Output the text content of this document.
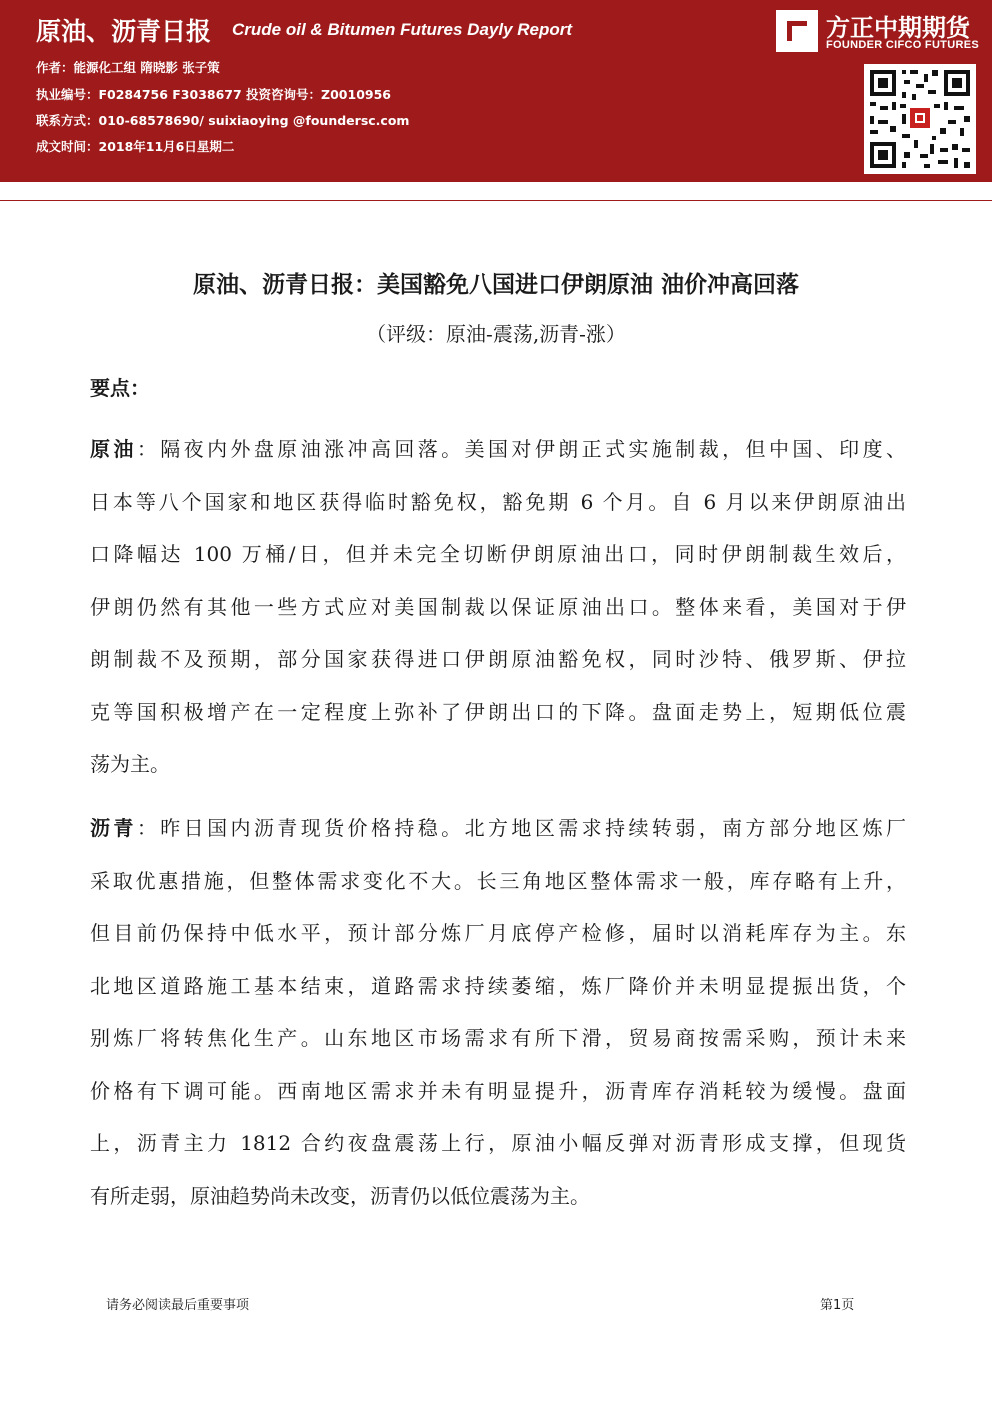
原油、沥青日报 Crude oil & Bitumen Futures Dayly Report
作者：能源化工组 隋晓影 张子策
执业编号：F0284756 F3038677 投资咨询号：Z0010956
联系方式：010-68578690/ suixiaoying @foundersc.com
成文时间：2018年11月6日星期二
方正中期期货
FOUNDER CIFCO FUTURES
原油、沥青日报：美国豁免八国进口伊朗原油 油价冲高回落
（评级：原油-震荡,沥青-涨）
要点：
原油：隔夜内外盘原油涨冲高回落。美国对伊朗正式实施制裁，但中国、印度、
日本等八个国家和地区获得临时豁免权，豁免期 6 个月。自 6 月以来伊朗原油出
口降幅达 100 万桶/日，但并未完全切断伊朗原油出口，同时伊朗制裁生效后，
伊朗仍然有其他一些方式应对美国制裁以保证原油出口。整体来看，美国对于伊
朗制裁不及预期，部分国家获得进口伊朗原油豁免权，同时沙特、俄罗斯、伊拉
克等国积极增产在一定程度上弥补了伊朗出口的下降。盘面走势上，短期低位震
荡为主。
沥青：昨日国内沥青现货价格持稳。北方地区需求持续转弱，南方部分地区炼厂
采取优惠措施，但整体需求变化不大。长三角地区整体需求一般，库存略有上升，
但目前仍保持中低水平，预计部分炼厂月底停产检修，届时以消耗库存为主。东
北地区道路施工基本结束，道路需求持续萎缩，炼厂降价并未明显提振出货，个
别炼厂将转焦化生产。山东地区市场需求有所下滑，贸易商按需采购，预计未来
价格有下调可能。西南地区需求并未有明显提升，沥青库存消耗较为缓慢。盘面
上，沥青主力 1812 合约夜盘震荡上行，原油小幅反弹对沥青形成支撑，但现货
有所走弱，原油趋势尚未改变，沥青仍以低位震荡为主。
请务必阅读最后重要事项	第1页
